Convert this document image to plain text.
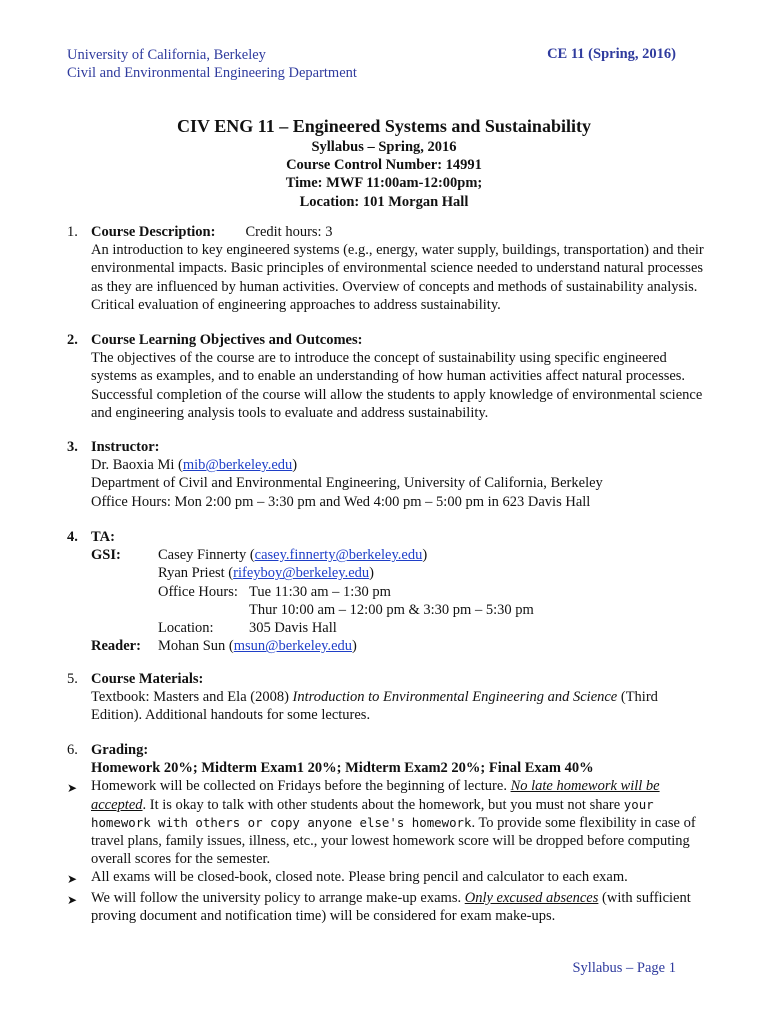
University of California, Berkeley
Civil and Environmental Engineering Department
CE 11 (Spring, 2016)
CIV ENG 11 – Engineered Systems and Sustainability
Syllabus – Spring, 2016
Course Control Number: 14991
Time: MWF 11:00am-12:00pm;
Location: 101 Morgan Hall
1. Course Description:	Credit hours: 3
An introduction to key engineered systems (e.g., energy, water supply, buildings, transportation) and their environmental impacts. Basic principles of environmental science needed to understand natural processes as they are influenced by human activities. Overview of concepts and methods of sustainability analysis. Critical evaluation of engineering approaches to address sustainability.
2. Course Learning Objectives and Outcomes:
The objectives of the course are to introduce the concept of sustainability using specific engineered systems as examples, and to enable an understanding of how human activities affect natural processes. Successful completion of the course will allow the students to apply knowledge of environmental science and engineering analysis tools to evaluate and address sustainability.
3. Instructor:
Dr. Baoxia Mi (mib@berkeley.edu)
Department of Civil and Environmental Engineering, University of California, Berkeley
Office Hours: Mon 2:00 pm – 3:30 pm and Wed 4:00 pm – 5:00 pm in 623 Davis Hall
4. TA:
GSI:	Casey Finnerty (casey.finnerty@berkeley.edu)
Ryan Priest (rifeyboy@berkeley.edu)
Office Hours: Tue 11:30 am – 1:30 pm
Thur 10:00 am – 12:00 pm & 3:30 pm – 5:30 pm
Location:	305 Davis Hall
Reader:	Mohan Sun (msun@berkeley.edu)
5. Course Materials:
Textbook: Masters and Ela (2008) Introduction to Environmental Engineering and Science (Third Edition). Additional handouts for some lectures.
6. Grading:
Homework 20%; Midterm Exam1 20%; Midterm Exam2 20%; Final Exam 40%
➤ Homework will be collected on Fridays before the beginning of lecture. No late homework will be accepted. It is okay to talk with other students about the homework, but you must not share your homework with others or copy anyone else's homework. To provide some flexibility in case of travel plans, family issues, illness, etc., your lowest homework score will be dropped before computing overall scores for the semester.
➤ All exams will be closed-book, closed note. Please bring pencil and calculator to each exam.
➤ We will follow the university policy to arrange make-up exams. Only excused absences (with sufficient proving document and notification time) will be considered for exam make-ups.
Syllabus – Page 1
